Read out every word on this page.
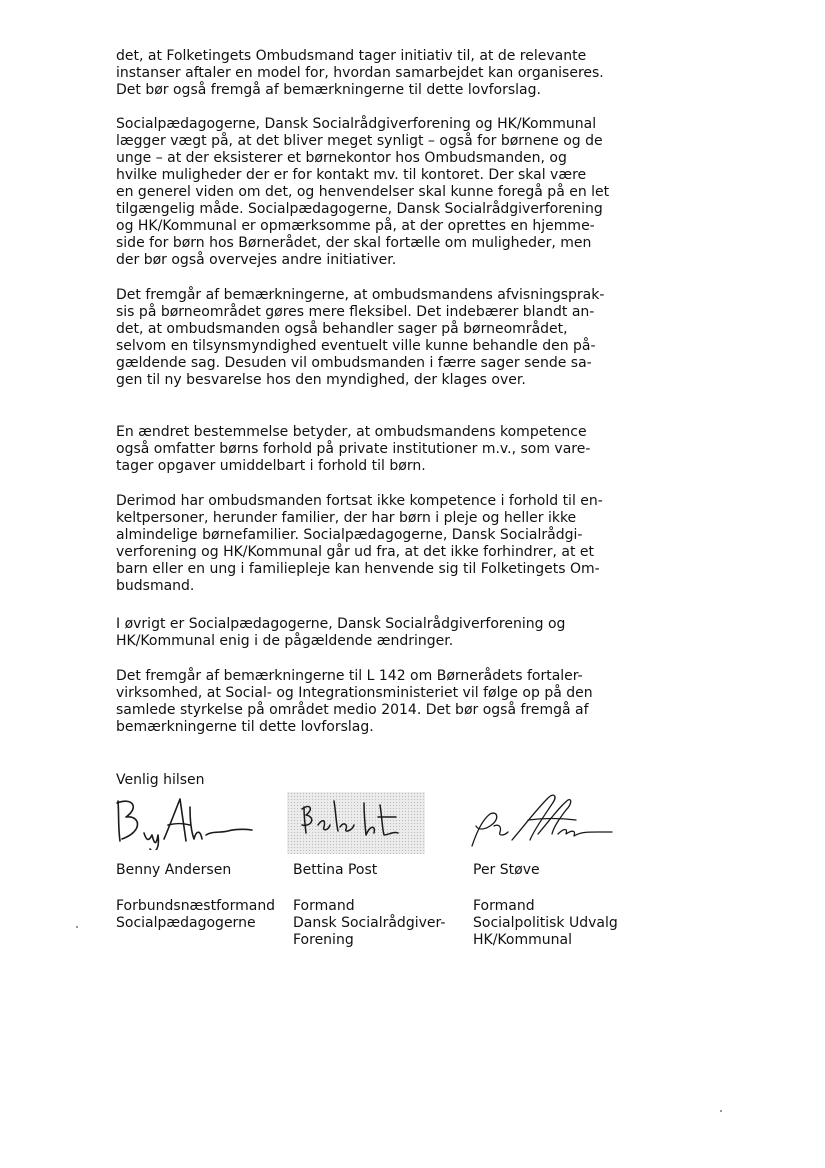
det, at Folketingets Ombudsmand tager initiativ til, at de relevante
instanser aftaler en model for, hvordan samarbejdet kan organiseres.
Det bør også fremgå af bemærkningerne til dette lovforslag.

Socialpædagogerne, Dansk Socialrådgiverforening og HK/Kommunal
lægger vægt på, at det bliver meget synligt – også for børnene og de
unge – at der eksisterer et børnekontor hos Ombudsmanden, og
hvilke muligheder der er for kontakt mv. til kontoret. Der skal være
en generel viden om det, og henvendelser skal kunne foregå på en let
tilgængelig måde. Socialpædagogerne, Dansk Socialrådgiverforening
og HK/Kommunal er opmærksomme på, at der oprettes en hjemme-
side for børn hos Børnerådet, der skal fortælle om muligheder, men
der bør også overvejes andre initiativer.

Det fremgår af bemærkningerne, at ombudsmandens afvisningsprak-
sis på børneområdet gøres mere fleksibel. Det indebærer blandt an-
det, at ombudsmanden også behandler sager på børneområdet,
selvom en tilsynsmyndighed eventuelt ville kunne behandle den på-
gældende sag. Desuden vil ombudsmanden i færre sager sende sa-
gen til ny besvarelse hos den myndighed, der klages over.

En ændret bestemmelse betyder, at ombudsmandens kompetence
også omfatter børns forhold på private institutioner m.v., som vare-
tager opgaver umiddelbart i forhold til børn.

Derimod har ombudsmanden fortsat ikke kompetence i forhold til en-
keltpersoner, herunder familier, der har børn i pleje og heller ikke
almindelige børnefamilier. Socialpædagogerne, Dansk Socialrådgi-
verforening og HK/Kommunal går ud fra, at det ikke forhindrer, at et
barn eller en ung i familiepleje kan henvende sig til Folketingets Om-
budsmand.

I øvrigt er Socialpædagogerne, Dansk Socialrådgiverforening og
HK/Kommunal enig i de pågældende ændringer.

Det fremgår af bemærkningerne til L 142 om Børnerådets fortaler-
virksomhed, at Social- og Integrationsministeriet vil følge op på den
samlede styrkelse på området medio 2014. Det bør også fremgå af
bemærkningerne til dette lovforslag.

Venlig hilsen
Benny Andersen	Bettina Post	Per Støve
Forbundsnæstformand
Socialpædagogerne
Formand
Dansk Socialrådgiver-
Forening
Formand
Socialpolitisk Udvalg
HK/Kommunal
